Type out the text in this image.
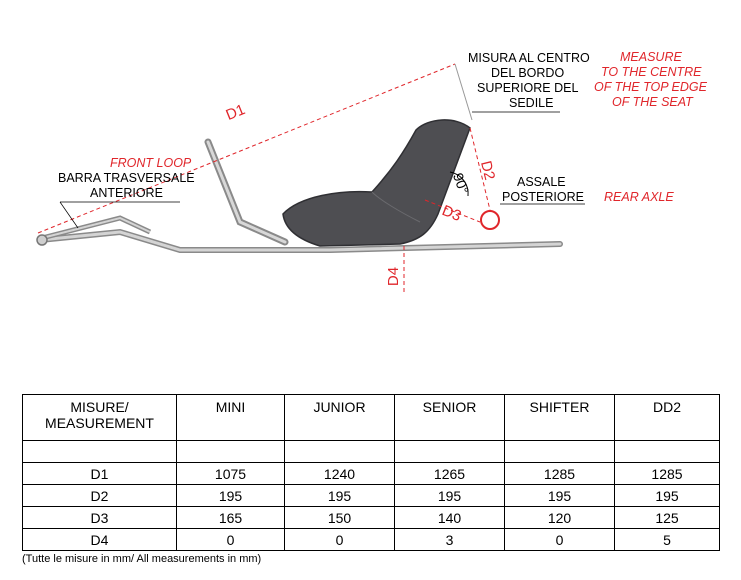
FRONT LOOP
BARRA TRASVERSALE
ANTERIORE
MISURA AL CENTRO
DEL BORDO
SUPERIORE DEL
SEDILE
MEASURE
TO THE CENTRE
OF THE TOP EDGE
OF THE SEAT
ASSALE
POSTERIORE REAR AXLE
D1
D2
D3
D4
90°
MISURE/
MEASUREMENT	MINI	JUNIOR	SENIOR	SHIFTER	DD2

D1	1075	1240	1265	1285	1285
D2	195	195	195	195	195
D3	165	150	140	120	125
D4	0	0	3	0	5
(Tutte le misure in mm/ All measurements in mm)
